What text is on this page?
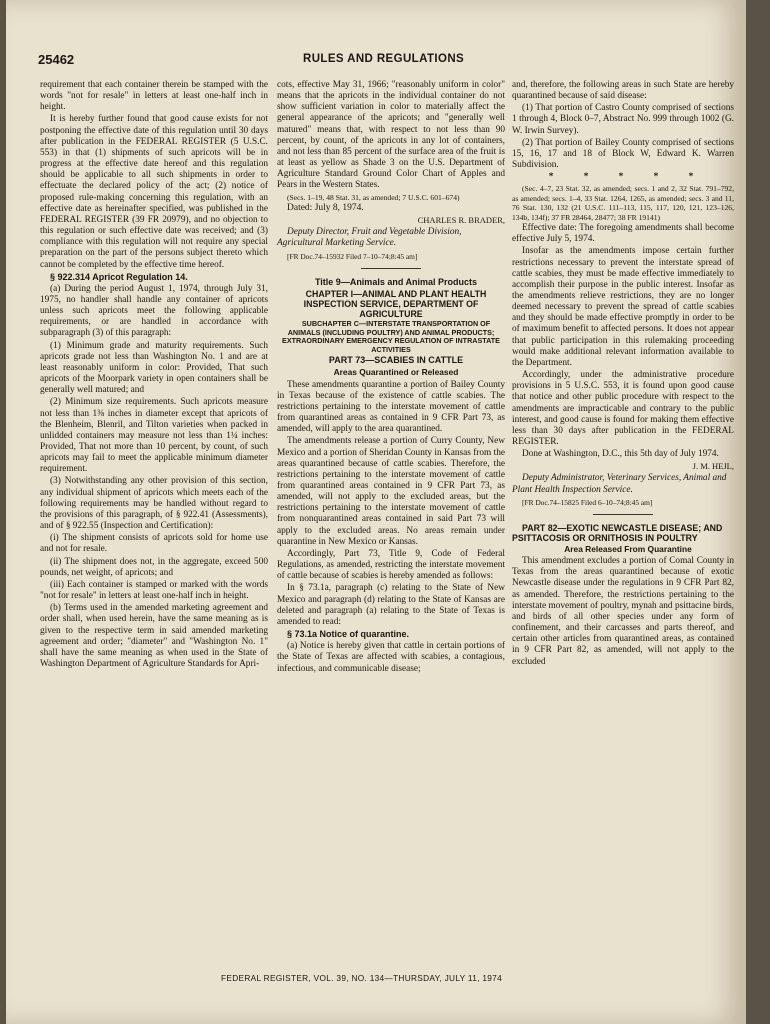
25462	RULES AND REGULATIONS

requirement that each container therein be stamped with the words "not for resale" in letters at least one-half inch in height.

It is hereby further found that good cause exists for not postponing the effective date of this regulation until 30 days after publication in the FEDERAL REGISTER (5 U.S.C. 553) in that (1) shipments of such apricots will be in progress at the effective date hereof and this regulation should be applicable to all such shipments in order to effectuate the declared policy of the act; (2) notice of proposed rule-making concerning this regulation, with an effective date as hereinafter specified, was published in the FEDERAL REGISTER (39 FR 20979), and no objection to this regulation or such effective date was received; and (3) compliance with this regulation will not require any special preparation on the part of the persons subject thereto which cannot be completed by the effective time hereof.

§ 922.314 Apricot Regulation 14.

(a) During the period August 1, 1974, through July 31, 1975, no handler shall handle any container of apricots unless such apricots meet the following applicable requirements, or are handled in accordance with subparagraph (3) of this paragraph:

(1) Minimum grade and maturity requirements. Such apricots grade not less than Washington No. 1 and are at least reasonably uniform in color: Provided, That such apricots of the Moorpark variety in open containers shall be generally well matured; and

(2) Minimum size requirements. Such apricots measure not less than 1⅜ inches in diameter except that apricots of the Blenheim, Blenril, and Tilton varieties when packed in unlidded containers may measure not less than 1¼ inches: Provided, That not more than 10 percent, by count, of such apricots may fail to meet the applicable minimum diameter requirement.

(3) Notwithstanding any other provision of this section, any individual shipment of apricots which meets each of the following requirements may be handled without regard to the provisions of this paragraph, of § 922.41 (Assessments), and of § 922.55 (Inspection and Certification):

(i) The shipment consists of apricots sold for home use and not for resale.

(ii) The shipment does not, in the aggregate, exceed 500 pounds, net weight, of apricots; and

(iii) Each container is stamped or marked with the words "not for resale" in letters at least one-half inch in height.

(b) Terms used in the amended marketing agreement and order shall, when used herein, have the same meaning as is given to the respective term in said amended marketing agreement and order; "diameter" and "Washington No. 1" shall have the same meaning as when used in the State of Washington Department of Agriculture Standards for Apri-

cots, effective May 31, 1966; "reasonably uniform in color" means that the apricots in the individual container do not show sufficient variation in color to materially affect the general appearance of the apricots; and "generally well matured" means that, with respect to not less than 90 percent, by count, of the apricots in any lot of containers, and not less than 85 percent of the surface area of the fruit is at least as yellow as Shade 3 on the U.S. Department of Agriculture Standard Ground Color Chart of Apples and Pears in the Western States.

(Secs. 1–19, 48 Stat. 31, as amended; 7 U.S.C. 601–674)

Dated: July 8, 1974.

CHARLES R. BRADER,

Deputy Director, Fruit and Vegetable Division, Agricultural Marketing Service.

[FR Doc.74–15932 Filed 7–10–74;8:45 am]

Title 9—Animals and Animal Products

CHAPTER I—ANIMAL AND PLANT HEALTH INSPECTION SERVICE, DEPARTMENT OF AGRICULTURE

SUBCHAPTER C—INTERSTATE TRANSPORTATION OF ANIMALS (INCLUDING POULTRY) AND ANIMAL PRODUCTS; EXTRAORDINARY EMERGENCY REGULATION OF INTRASTATE ACTIVITIES

PART 73—SCABIES IN CATTLE

Areas Quarantined or Released

These amendments quarantine a portion of Bailey County in Texas because of the existence of cattle scabies. The restrictions pertaining to the interstate movement of cattle from quarantined areas as contained in 9 CFR Part 73, as amended, will apply to the area quarantined.

The amendments release a portion of Curry County, New Mexico and a portion of Sheridan County in Kansas from the areas quarantined because of cattle scabies. Therefore, the restrictions pertaining to the interstate movement of cattle from quarantined areas contained in 9 CFR Part 73, as amended, will not apply to the excluded areas, but the restrictions pertaining to the interstate movement of cattle from nonquarantined areas contained in said Part 73 will apply to the excluded areas. No areas remain under quarantine in New Mexico or Kansas.

Accordingly, Part 73, Title 9, Code of Federal Regulations, as amended, restricting the interstate movement of cattle because of scabies is hereby amended as follows:

In § 73.1a, paragraph (c) relating to the State of New Mexico and paragraph (d) relating to the State of Kansas are deleted and paragraph (a) relating to the State of Texas is amended to read:

§ 73.1a Notice of quarantine.

(a) Notice is hereby given that cattle in certain portions of the State of Texas are affected with scabies, a contagious, infectious, and communicable disease;

and, therefore, the following areas in such State are hereby quarantined because of said disease:

(1) That portion of Castro County comprised of sections 1 through 4, Block 0–7, Abstract No. 999 through 1002 (G. W. Irwin Survey).

(2) That portion of Bailey County comprised of sections 15, 16, 17 and 18 of Block W, Edward K. Warren Subdivision.

* * * * *

(Sec. 4–7, 23 Stat. 32, as amended; secs. 1 and 2, 32 Stat. 791–792, as amended; secs. 1–4, 33 Stat. 1264, 1265, as amended; secs. 3 and 11, 76 Stat. 130, 132 (21 U.S.C. 111–113, 115, 117, 120, 121, 123–126, 134b, 134f); 37 FR 28464, 28477; 38 FR 19141)

Effective date: The foregoing amendments shall become effective July 5, 1974.

Insofar as the amendments impose certain further restrictions necessary to prevent the interstate spread of cattle scabies, they must be made effective immediately to accomplish their purpose in the public interest. Insofar as the amendments relieve restrictions, they are no longer deemed necessary to prevent the spread of cattle scabies and they should be made effective promptly in order to be of maximum benefit to affected persons. It does not appear that public participation in this rulemaking proceeding would make additional relevant information available to the Department.

Accordingly, under the administrative procedure provisions in 5 U.S.C. 553, it is found upon good cause that notice and other public procedure with respect to the amendments are impracticable and contrary to the public interest, and good cause is found for making them effective less than 30 days after publication in the FEDERAL REGISTER.

Done at Washington, D.C., this 5th day of July 1974.

J. M. HEJL,

Deputy Administrator, Veterinary Services, Animal and Plant Health Inspection Service.

[FR Doc.74–15825 Filed 6–10–74;8:45 am]

PART 82—EXOTIC NEWCASTLE DISEASE; AND PSITTACOSIS OR ORNITHOSIS IN POULTRY

Area Released From Quarantine

This amendment excludes a portion of Comal County in Texas from the areas quarantined because of exotic Newcastle disease under the regulations in 9 CFR Part 82, as amended. Therefore, the restrictions pertaining to the interstate movement of poultry, mynah and psittacine birds, and birds of all other species under any form of confinement, and their carcasses and parts thereof, and certain other articles from quarantined areas, as contained in 9 CFR Part 82, as amended, will not apply to the excluded

FEDERAL REGISTER, VOL. 39, NO. 134—THURSDAY, JULY 11, 1974
